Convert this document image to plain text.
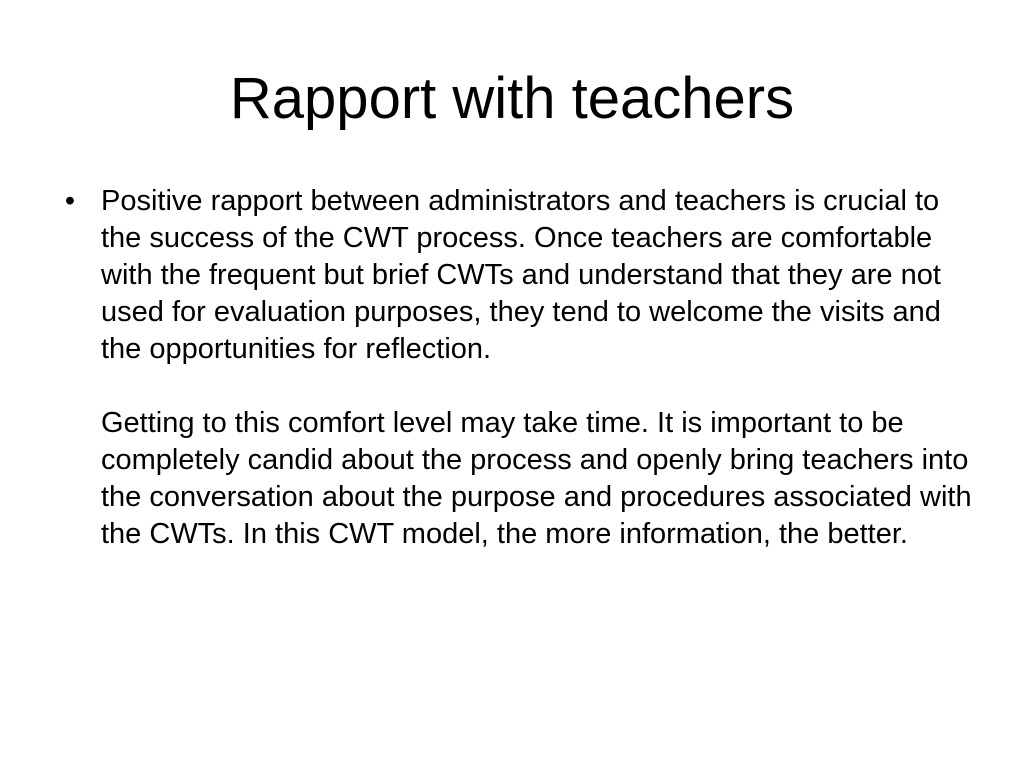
Rapport with teachers
• Positive rapport between administrators and teachers is crucial to the success of the CWT process. Once teachers are comfortable with the frequent but brief CWTs and understand that they are not used for evaluation purposes, they tend to welcome the visits and the opportunities for reflection.
Getting to this comfort level may take time. It is important to be completely candid about the process and openly bring teachers into the conversation about the purpose and procedures associated with the CWTs. In this CWT model, the more information, the better.
